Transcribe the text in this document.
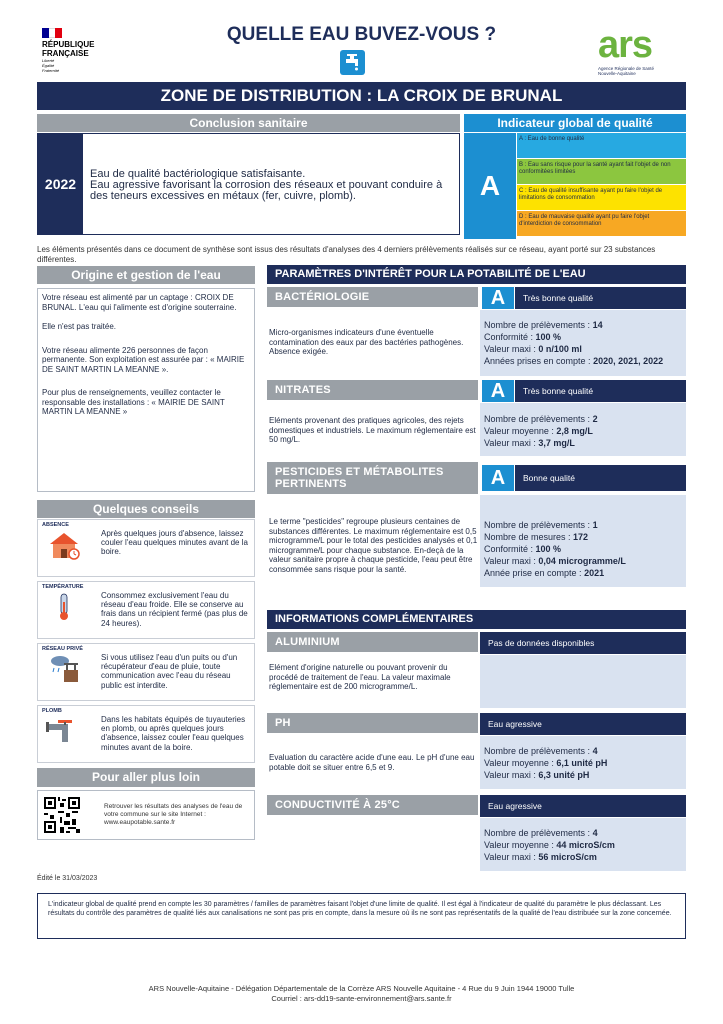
RÉPUBLIQUE
FRANÇAISE
Liberté
Égalité
Fraternité
QUELLE EAU BUVEZ-VOUS ?	ars
Agence Régionale de Santé
Nouvelle-Aquitaine
ZONE DE DISTRIBUTION : LA CROIX DE BRUNAL
Conclusion sanitaire
2022
Eau de qualité bactériologique satisfaisante.
Eau agressive favorisant la corrosion des réseaux et pouvant conduire à des teneurs excessives en métaux (fer, cuivre, plomb).
Indicateur global de qualité
A
A : Eau de bonne qualité
B : Eau sans risque pour la santé ayant fait l'objet de non conformitées limitées
C : Eau de qualité insuffisante ayant pu faire l'objet de limitations de consommation
D : Eau de mauvaise qualité ayant pu faire l'objet d'interdiction de consommation
Les éléments présentés dans ce document de synthèse sont issus des résultats d'analyses des 4 derniers prélèvements réalisés sur ce réseau, ayant porté sur 23 substances différentes.
Origine et gestion de l'eau
Votre réseau est alimenté par un captage : CROIX DE BRUNAL. L'eau qui l'alimente est d'origine souterraine.
Elle n'est pas traitée.
Votre réseau alimente 226 personnes de façon permanente. Son exploitation est assurée par : « MAIRIE DE SAINT MARTIN LA MEANNE ».
Pour plus de renseignements, veuillez contacter le responsable des installations : « MAIRIE DE SAINT MARTIN LA MEANNE »
Quelques conseils
ABSENCE
Après quelques jours d'absence, laissez couler l'eau quelques minutes avant de la boire.
TEMPÉRATURE
Consommez exclusivement l'eau du réseau d'eau froide. Elle se conserve au frais dans un récipient fermé (pas plus de 24 heures).
RÉSEAU PRIVÉ
Si vous utilisez l'eau d'un puits ou d'un récupérateur d'eau de pluie, toute communication avec l'eau du réseau public est interdite.
PLOMB
Dans les habitats équipés de tuyauteries en plomb, ou après quelques jours d'absence, laissez couler l'eau quelques minutes avant de la boire.
Pour aller plus loin
Retrouver les résultats des analyses de l'eau de votre commune sur le site Internet : www.eaupotable.sante.fr
PARAMÈTRES D'INTÉRÊT POUR LA POTABILITÉ DE L'EAU
BACTÉRIOLOGIE	A	Très bonne qualité
Micro-organismes indicateurs d'une éventuelle contamination des eaux par des bactéries pathogènes. Absence exigée.
Nombre de prélèvements : 14
Conformité : 100 %
Valeur maxi : 0 n/100 ml
Années prises en compte : 2020, 2021, 2022
NITRATES	A	Très bonne qualité
Eléments provenant des pratiques agricoles, des rejets domestiques et industriels. Le maximum réglementaire est 50 mg/L.
Nombre de prélèvements : 2
Valeur moyenne : 2,8 mg/L
Valeur maxi : 3,7 mg/L
PESTICIDES ET MÉTABOLITES PERTINENTS	A	Bonne qualité
Le terme "pesticides" regroupe plusieurs centaines de substances différentes. Le maximum réglementaire est 0,5 microgramme/L pour le total des pesticides analysés et 0,1 microgramme/L pour chaque substance. En-deçà de la valeur sanitaire propre à chaque pesticide, l'eau peut être consommée sans risque pour la santé.
Nombre de prélèvements : 1
Nombre de mesures : 172
Conformité : 100 %
Valeur maxi : 0,04 microgramme/L
Année prise en compte : 2021
INFORMATIONS COMPLÉMENTAIRES
ALUMINIUM	Pas de données disponibles
Elément d'origine naturelle ou pouvant provenir du procédé de traitement de l'eau. La valeur maximale réglementaire est de 200 microgramme/L.
PH	Eau agressive
Evaluation du caractère acide d'une eau. Le pH d'une eau potable doit se situer entre 6,5 et 9.
Nombre de prélèvements : 4
Valeur moyenne : 6,1 unité pH
Valeur maxi : 6,3 unité pH
CONDUCTIVITÉ À 25°C	Eau agressive
Nombre de prélèvements : 4
Valeur moyenne : 44 microS/cm
Valeur maxi : 56 microS/cm
Édité le 31/03/2023
L'indicateur global de qualité prend en compte les 30 paramètres / familles de paramètres faisant l'objet d'une limite de qualité. Il est égal à l'indicateur de qualité du paramètre le plus déclassant. Les résultats du contrôle des paramètres de qualité liés aux canalisations ne sont pas pris en compte, dans la mesure où ils ne sont pas représentatifs de la qualité de l'eau distribuée sur la zone concernée.
ARS Nouvelle-Aquitaine - Délégation Départementale de la Corrèze ARS Nouvelle Aquitaine - 4 Rue du 9 Juin 1944 19000 Tulle
Courriel : ars-dd19-sante-environnement@ars.sante.fr
